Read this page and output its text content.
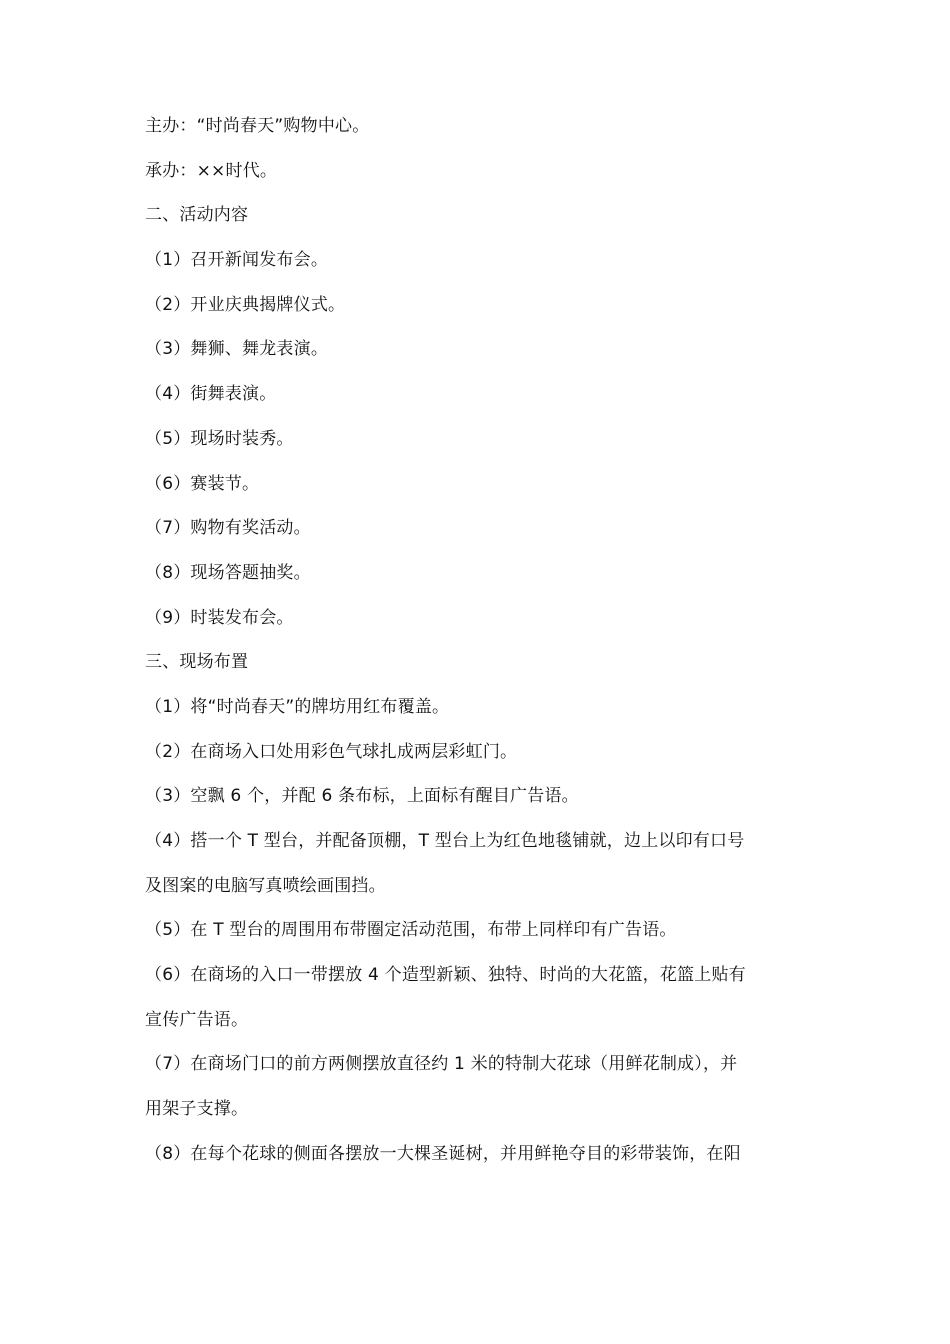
主办：“时尚春天”购物中心。
承办：××时代。
二、活动内容
（1）召开新闻发布会。
（2）开业庆典揭牌仪式。
（3）舞狮、舞龙表演。
（4）街舞表演。
（5）现场时装秀。
（6）赛装节。
（7）购物有奖活动。
（8）现场答题抽奖。
（9）时装发布会。
三、现场布置
（1）将“时尚春天”的牌坊用红布覆盖。
（2）在商场入口处用彩色气球扎成两层彩虹门。
（3）空飘 6 个，并配 6 条布标，上面标有醒目广告语。
（4）搭一个 T 型台，并配备顶棚，T 型台上为红色地毯铺就，边上以印有口号
及图案的电脑写真喷绘画围挡。
（5）在 T 型台的周围用布带圈定活动范围，布带上同样印有广告语。
（6）在商场的入口一带摆放 4 个造型新颖、独特、时尚的大花篮，花篮上贴有
宣传广告语。
（7）在商场门口的前方两侧摆放直径约 1 米的特制大花球（用鲜花制成），并
用架子支撑。
（8）在每个花球的侧面各摆放一大棵圣诞树，并用鲜艳夺目的彩带装饰，在阳
